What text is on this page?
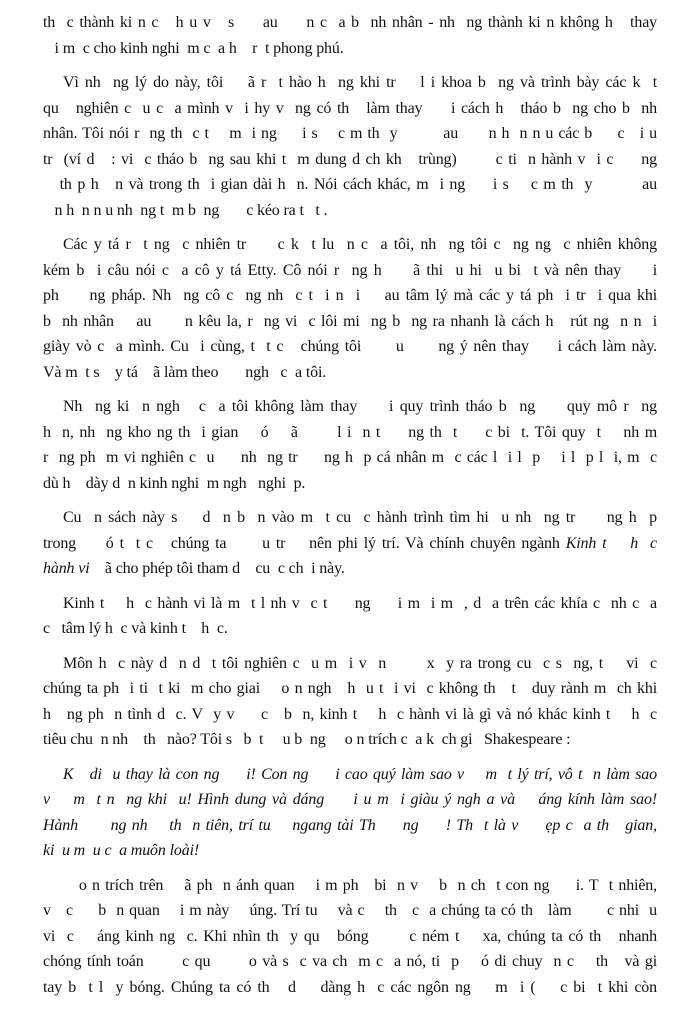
th  c thành ki n c   h u v   s     au     n c  a b  nh nhân - nh  ng thành ki n không h   thay
i m  c cho kinh nghi  m c  a h    r  t phong phú.
Vì nh  ng lý do này, tôi    ã r  t hào h  ng khi tr    l i khoa b  ng và trình bày các k  t
qu   nghiên c  u c  a mình v  i hy v  ng có th   làm thay     i cách h   tháo b  ng cho b  nh
nhân. Tôi nói r  ng th  c t    m  i ng     i s    c m th  y         au      n h  n n u các b     c   i u
tr  (ví d   : vi  c tháo b  ng sau khi t  m dung d ch kh   trùng)       c ti  n hành v  i c     ng
th p h   n và trong th  i gian dài h  n. Nói cách khác, m  i ng     i s    c m th  y         au
n h  n n u nh  ng t  m b  ng       c kéo ra t   t .
Các y tá r  t ng  c nhiên tr     c k  t lu  n c  a tôi, nh  ng tôi c  ng ng  c nhiên không
kém b  i câu nói c  a cô y tá Etty. Cô nói r  ng h     ã thi  u hi  u bi  t và nên thay     i
ph     ng pháp. Nh  ng cô c  ng nh  c t  i n  i    au tâm lý mà các y tá ph  i tr  i qua khi
b  nh nhân    au      n kêu la, r  ng vi  c lôi mi  ng b  ng ra nhanh là cách h   rút ng  n n  i
giày vò c  a mình. Cu  i cùng, t  t c   chúng tôi      u      ng ý nên thay     i cách làm này.
Và m  t s    y tá    ã làm theo       ngh   c  a tôi.
Nh  ng ki  n ngh   c  a tôi không làm thay     i quy trình tháo b  ng     quy mô r  ng
h  n, nh  ng kho ng th  i gian    ó    ã       l i  n t     ng th  t     c bi  t. Tôi quy  t    nh m
r  ng ph  m vi nghiên c  u     nh  ng tr     ng h  p cá nhân m  c các l  i l  p    i l  p l  i, m  c
dù h    dày d  n kinh nghi  m ngh   nghi  p.
Cu  n sách này s    d  n b  n vào m  t cu  c hành trình tìm hi  u nh  ng tr     ng h  p
trong     ó t  t c   chúng ta      u tr    nên phi lý trí. Và chính chuyên ngành Kinh t    h  c
hành vi    ã cho phép tôi tham d    cu  c ch  i này.
Kinh t    h  c hành vi là m  t l nh v  c t     ng     i m  i m  , d  a trên các khía c  nh c  a
c   tâm lý h  c và kinh t    h  c.
Môn h  c này d  n d  t tôi nghiên c  u m  i v  n       x  y ra trong cu  c s  ng, t    vi  c
chúng ta ph  i ti  t ki  m cho giai    o n ngh   h  u t  i vi  c không th   t   duy rành m  ch khi
h   ng ph  n tình d  c. V  y v     c   b  n, kinh t    h  c hành vi là gì và nó khác kinh t    h  c
tiêu chu  n nh    th   nào? Tôi s   b  t     u b  ng     o n trích c  a k  ch gi   Shakespeare :
K   di  u thay là con ng     i! Con ng     i cao quý làm sao v    m  t lý trí, vô t  n làm sao
v    m  t n  ng khi  u! Hình dung và dáng     i u m  i giàu ý ngh a và    áng kính làm sao!
Hành      ng nh    th  n tiên, trí tu    ngang tài Th     ng     ! Th  t là v     ẹp c  a th   gian,
ki  u m  u c  a muôn loài!
o n trích trên    ã ph  n ánh quan    i m ph   bi  n v    b  n ch  t con ng     i. T  t nhiên,
v   c     b  n quan    i m này    úng. Trí tu    và c    th   c  a chúng ta có th   làm       c nhi  u
vi  c    áng kinh ng  c. Khi nhìn th  y qu   bóng       c ném t    xa, chúng ta có th   nhanh
chóng tính toán       c qu       o và s  c va ch  m c  a nó, ti  p    ó di chuy  n c    th   và gi
tay b  t l  y bóng. Chúng ta có th   d    dàng h  c các ngôn ng    m  i (    c bi  t khi còn
